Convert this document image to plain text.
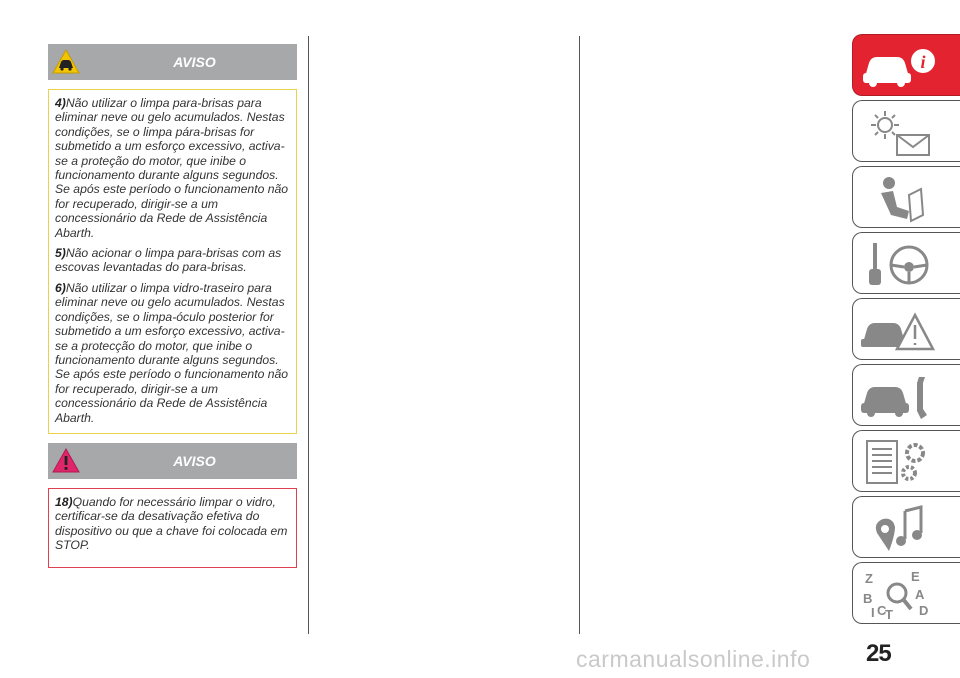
AVISO

4)Não utilizar o limpa para-brisas para eliminar neve ou gelo acumulados. Nestas condições, se o limpa pára-brisas for submetido a um esforço excessivo, activa-se a proteção do motor, que inibe o funcionamento durante alguns segundos. Se após este período o funcionamento não for recuperado, dirigir-se a um concessionário da Rede de Assistência Abarth.

5)Não acionar o limpa para-brisas com as escovas levantadas do para-brisas.

6)Não utilizar o limpa vidro-traseiro para eliminar neve ou gelo acumulados. Nestas condições, se o limpa-óculo posterior for submetido a um esforço excessivo, activa-se a protecção do motor, que inibe o funcionamento durante alguns segundos. Se após este período o funcionamento não for recuperado, dirigir-se a um concessionário da Rede de Assistência Abarth.

AVISO

18)Quando for necessário limpar o vidro, certificar-se da desativação efetiva do dispositivo ou que a chave foi colocada em STOP.

i
Z	E
B	A
T D
C
I
25
carmanualsonline.info
